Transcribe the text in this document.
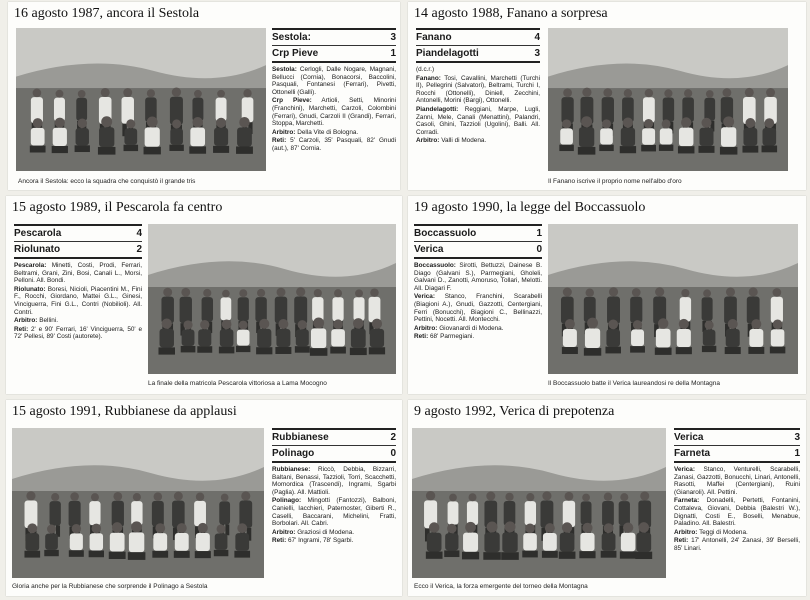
16 agosto 1987, ancora il Sestola
Sestola:	3
Crp Pieve	1

Sestola: Cerlogli, Dalle Nogare, Magnani, Bellucci (Cornia), Bonacorsi, Baccolini, Pasquali, Fontanesi (Ferrari), Pivetti, Ottonelli (Galli).

Crp Pieve: Artioli, Setti, Minorini (Franchini), Marchetti, Carzoli, Colombini (Ferrari), Gnudi, Carzoli II (Grandi), Ferrari, Stoppa, Marchetti.

Arbitro: Della Vite di Bologna.

Reti: 5' Carzoli, 35' Pasquali, 82' Gnudi (aut.), 87' Cornia.

Ancora il Sestola: ecco la squadra che conquistò il grande tris
14 agosto 1988, Fanano a sorpresa
Fanano	4
Piandelagotti	3

(d.c.r.)

Fanano: Tosi, Cavallini, Marchetti (Turchi II), Pellegrini (Salvatori), Beltrami, Turchi I, Rocchi (Ottonelli), Diniell, Zecchini, Antonelli, Morini (Bargi), Ottonelli.

Piandelagotti: Reggiani, Marpe, Lugli, Zanni, Mele, Canali (Menattini), Palandri, Casoli, Ghini, Tazzioli (Ugolini), Balli. All. Corradi.

Arbitro: Valli di Modena.

Il Fanano iscrive il proprio nome nell'albo d'oro
15 agosto 1989, il Pescarola fa centro
Pescarola	4
Riolunato	2

Pescarola: Minetti, Costi, Prodi, Ferrari, Beltrami, Grani, Zini, Bosi, Canali L., Morsi, Pelloni. All. Bondi.

Riolunato: Boresi, Nicioli, Piacentini M., Fini F., Rocchi, Giordano, Mattei G.L., Ginesi, Vinciguerra, Fini G.L., Contri (Nobilioli). All. Contri.

Arbitro: Bellini.

Reti: 2' e 90' Ferrari, 16' Vinciguerra, 50' e 72' Pellesi, 89' Costi (autorete).

La finale della matricola Pescarola vittoriosa a Lama Mocogno
19 agosto 1990, la legge del Boccassuolo
Boccassuolo	1
Verica	0

Boccassuolo: Sirotti, Bettuzzi, Dainese B. Diago (Galvani S.), Parmegiani, Gholeli, Galvani D., Zanotti, Amoruso, Tollari, Melotti. All. Diagari F.

Verica: Stanco, Franchini, Scarabelli (Biagioni A.), Gnudi, Gazzotti, Centergiani, Ferri (Bonucchi), Biagioni C., Bellinazzi, Pettini, Nocetti. All. Montecchi.

Arbitro: Giovanardi di Modena.

Reti: 68' Parmegiani.

Il Boccassuolo batte il Verica laureandosi re della Montagna
15 agosto 1991, Rubbianese da applausi
Rubbianese	2
Polinago	0

Rubbianese: Riccò, Debbia, Bizzarri, Baltani, Benassi, Tazzioli, Torri, Scacchetti, Momordica (Trascendi), Ingrami, Sgarbi (Paglia). All. Mattioli.

Polinago: Mingotti (Fantozzi), Balboni, Canielli, Iacchieri, Paternoster, Giberti R., Caselli, Baccarani, Michelini, Fratti, Borbolari. All. Cabri.

Arbitro: Graziosi di Modena.

Reti: 67' Ingrami, 78' Sgarbi.

Gloria anche per la Rubbianese che sorprende il Polinago a Sestola
9 agosto 1992, Verica di prepotenza
Verica	3
Farneta	1

Verica: Stanco, Venturelli, Scarabelli, Zanasi, Gazzotti, Bonucchi, Linari, Antonelli, Rasotti, Maffei (Centergiani), Ruini (Gianaroli). All. Pettini.

Farneta: Donadelli, Pertetti, Fontanini, Cottaleva, Giovani, Debbia (Balestri W.), Dignatti, Costi E., Boselli, Menabue, Paladino. All. Balestri.

Arbitro: Teggi di Modena.

Reti: 17' Antonelli, 24' Zanasi, 39' Berselli, 85' Linari.

Ecco il Verica, la forza emergente del torneo della Montagna
